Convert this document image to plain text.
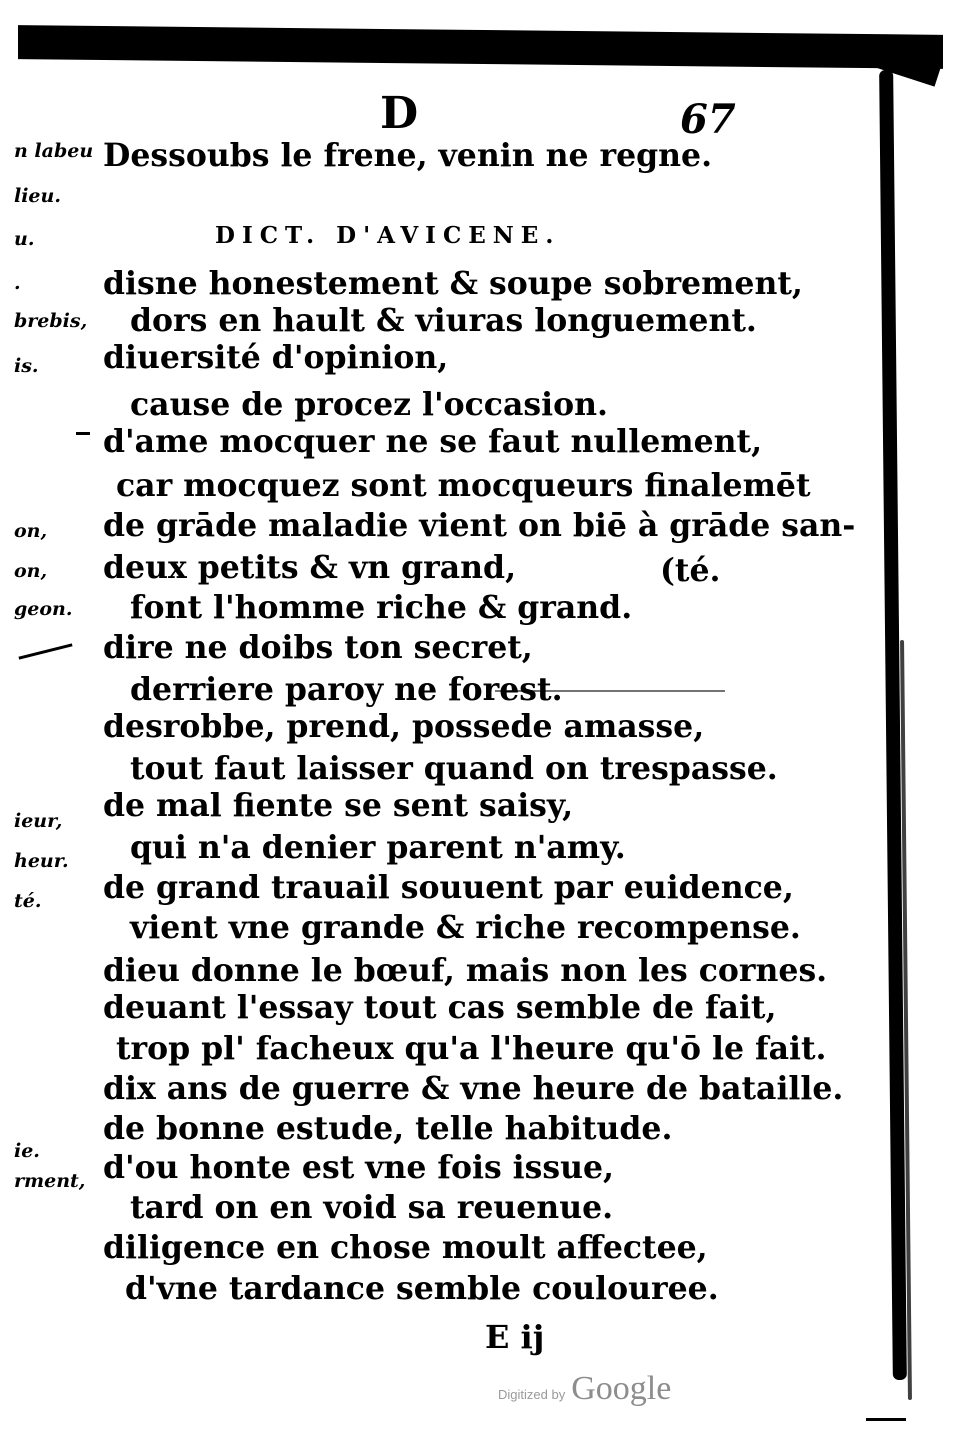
D	67
Dessoubs le frene, venin ne regne.
DICT. D'AVICENE.
disne honestement & soupe sobrement,
dors en hault & viuras longuement.
diuersité d'opinion,
cause de procez l'occasion.
d'ame mocquer ne se faut nullement,
car mocquez sont mocqueurs finalemēt
de grāde maladie vient on biē à grāde san-
deux petits & vn grand,	(té.
font l'homme riche & grand.
dire ne doibs ton secret,
derriere paroy ne forest.
desrobbe, prend, possede amasse,
tout faut laisser quand on trespasse.
de mal fiente se sent saisy,
qui n'a denier parent n'amy.
de grand trauail souuent par euidence,
vient vne grande & riche recompense.
dieu donne le bœuf, mais non les cornes.
deuant l'essay tout cas semble de fait,
trop pl' facheux qu'a l'heure qu'ō le fait.
dix ans de guerre & vne heure de bataille.
de bonne estude, telle habitude.
d'ou honte est vne fois issue,
tard on en void sa reuenue.
diligence en chose moult affectee,
d'vne tardance semble coulouree.
n labeu
lieu.
u.
.
brebis,
is.
on,
on,
geon.
ieur,
heur.
té.
ie.
rment,
E ij
Digitized by Google
